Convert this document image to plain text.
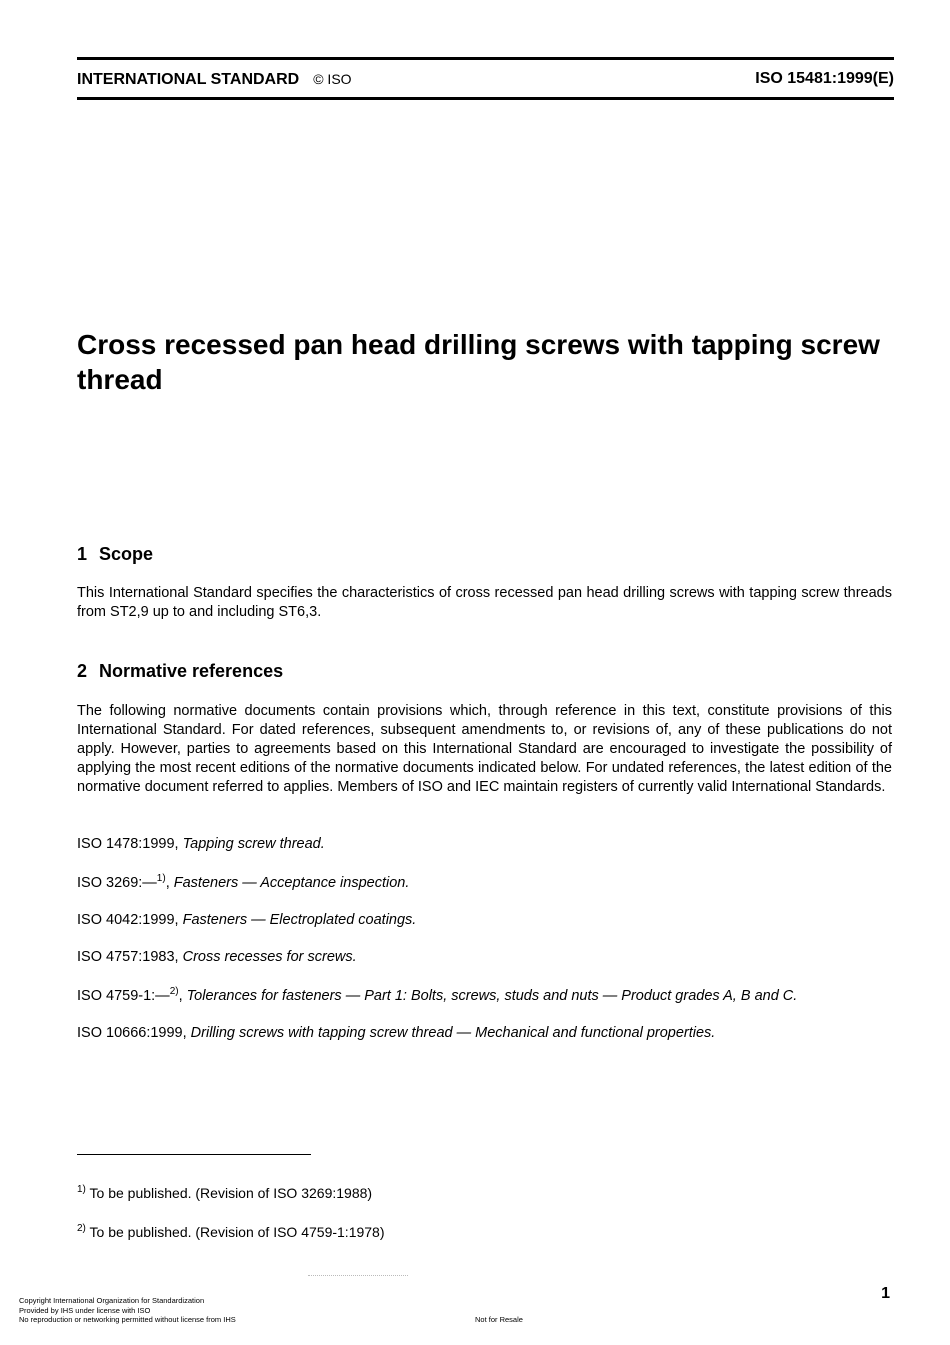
INTERNATIONAL STANDARD © ISO	ISO 15481:1999(E)
Cross recessed pan head drilling screws with tapping screw thread
1 Scope

This International Standard specifies the characteristics of cross recessed pan head drilling screws with tapping screw threads from ST2,9 up to and including ST6,3.

2 Normative references

The following normative documents contain provisions which, through reference in this text, constitute provisions of this International Standard. For dated references, subsequent amendments to, or revisions of, any of these publications do not apply. However, parties to agreements based on this International Standard are encouraged to investigate the possibility of applying the most recent editions of the normative documents indicated below. For undated references, the latest edition of the normative document referred to applies. Members of ISO and IEC maintain registers of currently valid International Standards.

ISO 1478:1999, Tapping screw thread.

ISO 3269:—$^{1)}$, Fasteners — Acceptance inspection.

ISO 4042:1999, Fasteners — Electroplated coatings.

ISO 4757:1983, Cross recesses for screws.

ISO 4759-1:—$^{2)}$, Tolerances for fasteners — Part 1: Bolts, screws, studs and nuts — Product grades A, B and C.

ISO 10666:1999, Drilling screws with tapping screw thread — Mechanical and functional properties.

$^{1)}$ To be published. (Revision of ISO 3269:1988)

$^{2)}$ To be published. (Revision of ISO 4759-1:1978)

1
Copyright International Organization for Standardization
Provided by IHS under license with ISO
No reproduction or networking permitted without license from IHS	Not for Resale
